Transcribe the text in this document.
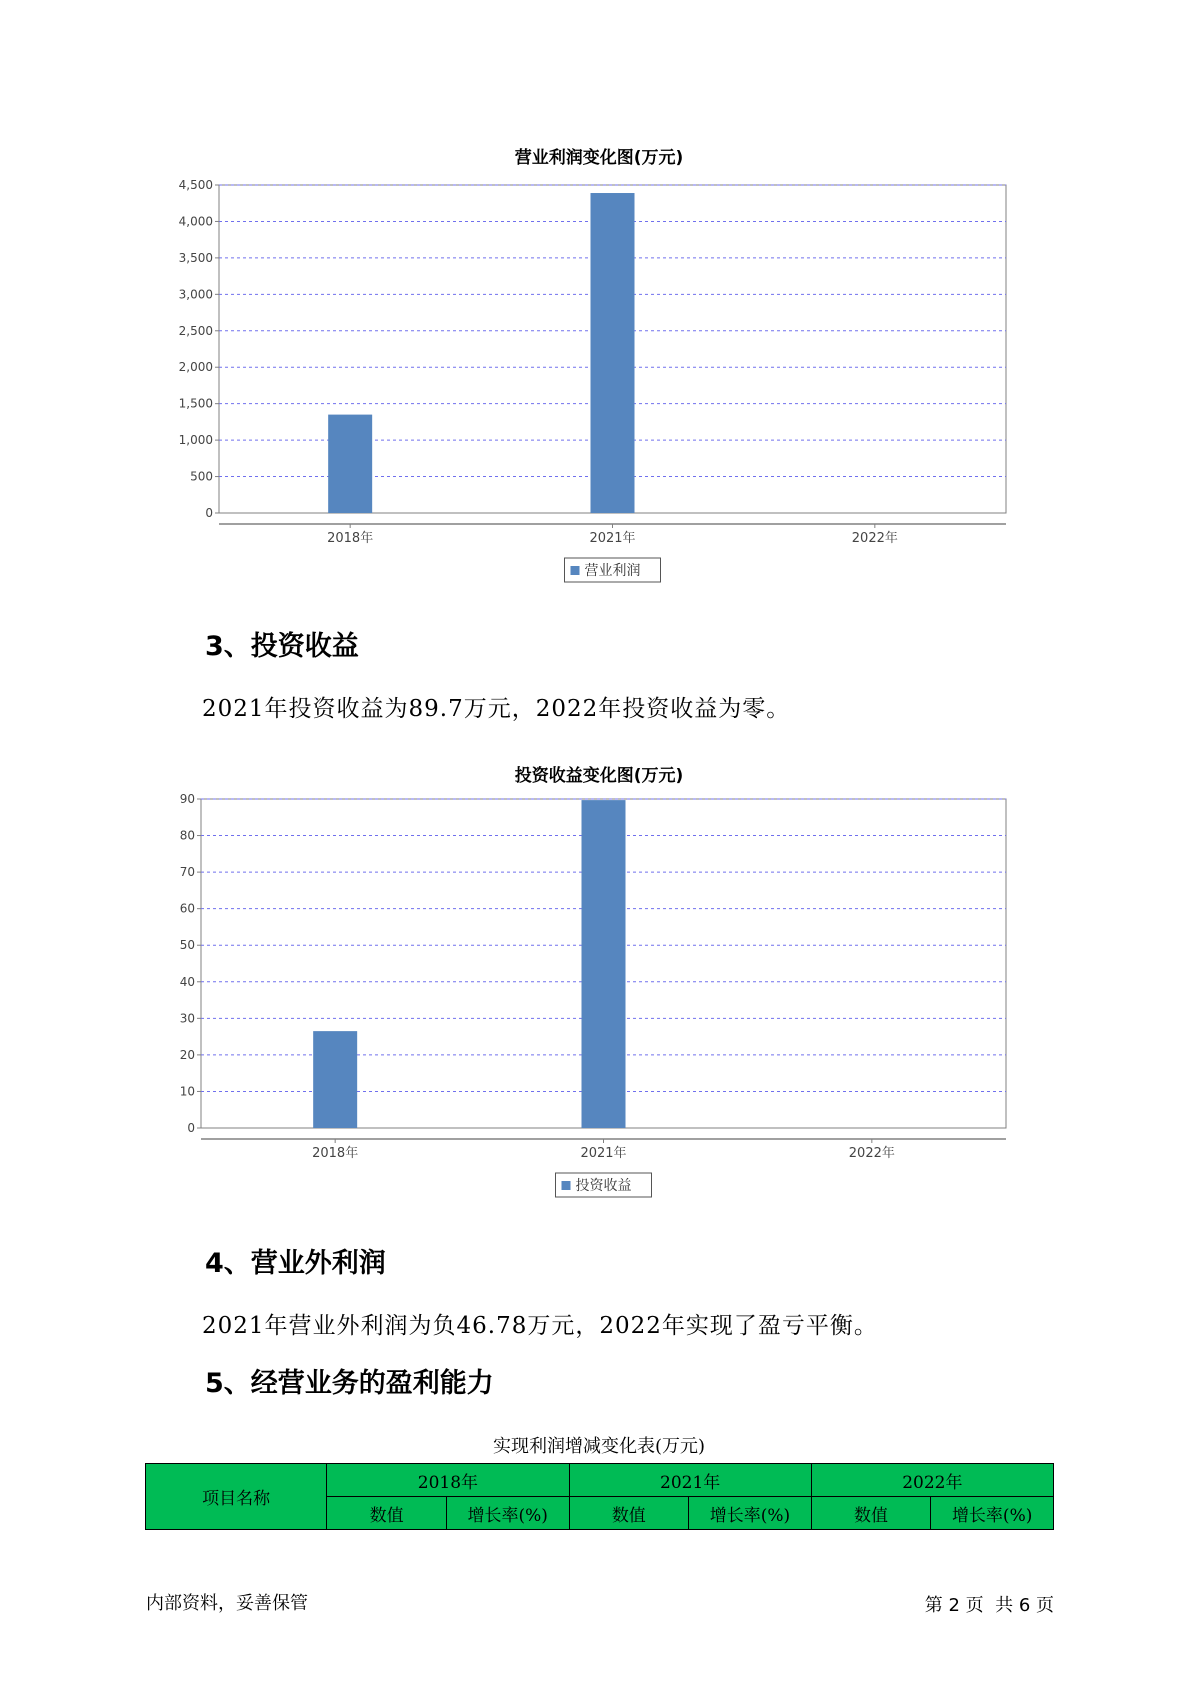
营业利润变化图(万元)
0
500
1,000
1,500
2,000
2,500
3,000
3,500
4,000
4,500
2018年	2021年	2022年
营业利润
3、投资收益
2021年投资收益为89.7万元，2022年投资收益为零。
投资收益变化图(万元)
0
10
20
30
40
50
60
70
80
90
2018年	2021年	2022年
投资收益
4、营业外利润
2021年营业外利润为负46.78万元，2022年实现了盈亏平衡。
5、经营业务的盈利能力
实现利润增减变化表(万元)
项目名称	2018年		2021年		2022年	
	数值	增长率(%)	数值	增长率(%)	数值	增长率(%)
内部资料，妥善保管	第 2 页  共 6 页
